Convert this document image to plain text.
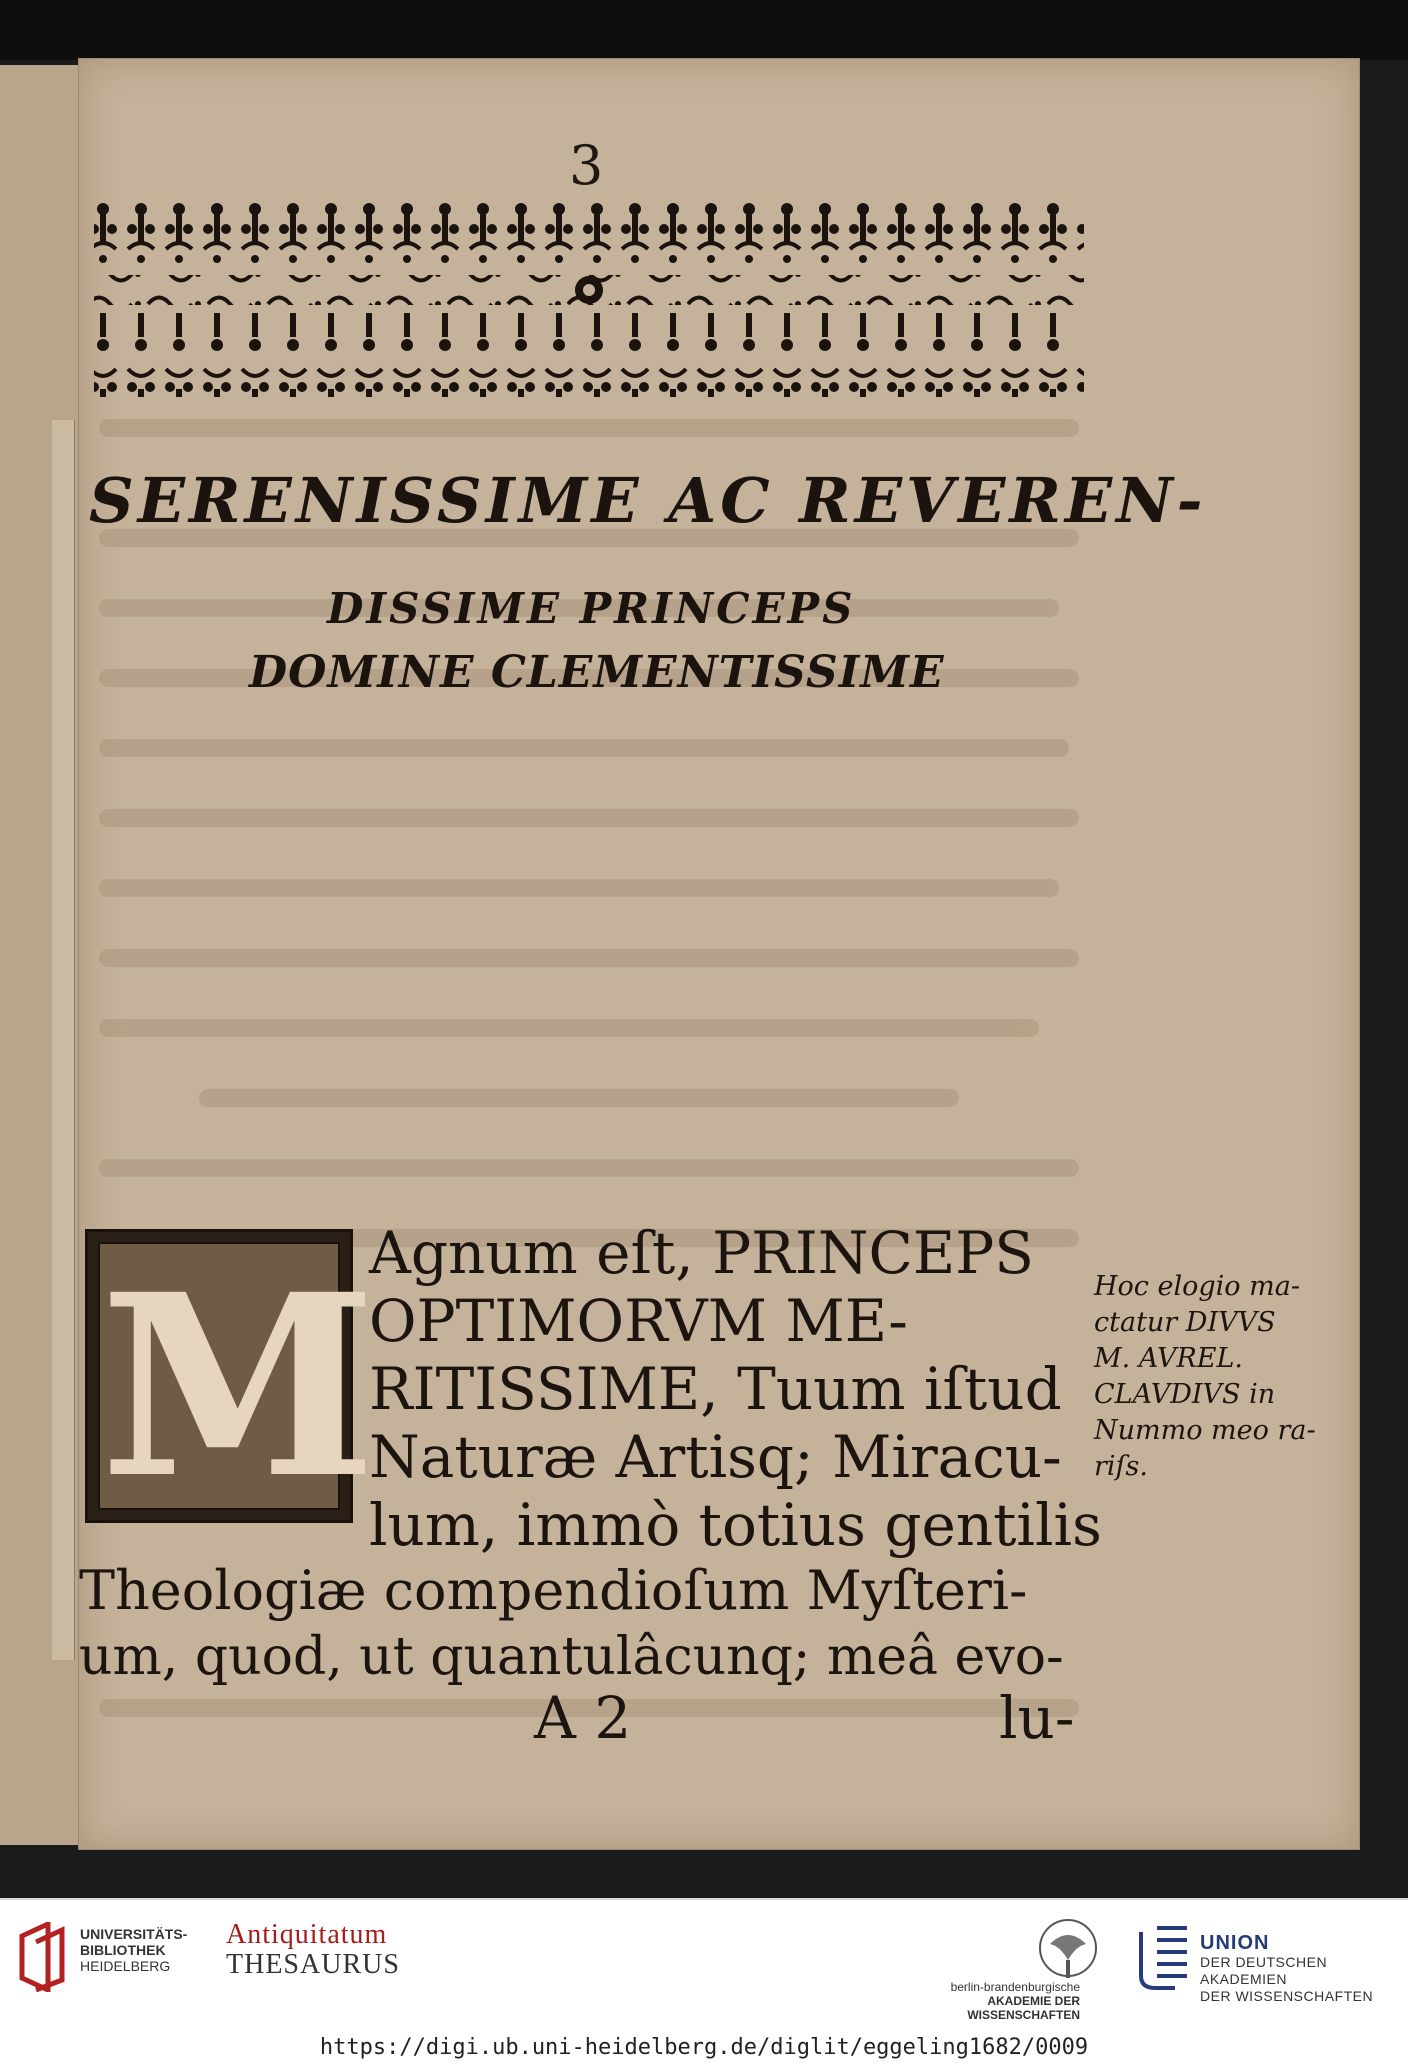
3
SERENISSIME AC REVEREN-
DISSIME PRINCEPS
DOMINE CLEMENTISSIME
M
Agnum eſt, PRINCEPS
OPTIMORVM ME-
RITISSIME, Tuum iſtud
Naturæ Artisq; Miracu-
lum, immò totius gentilis
Theologiæ compendioſum Myſteri-
um, quod, ut quantulâcunq; meâ evo-
Hoc elogio ma-
ctatur DIVVS
M. AVREL.
CLAVDIVS in
Nummo meo ra-
riſs.
A 2	lu-
UNIVERSITÄTS-
BIBLIOTHEK
HEIDELBERG
Antiquitatum
THESAURUS
berlin-brandenburgische
AKADEMIE DER WISSENSCHAFTEN
UNION
DER DEUTSCHEN AKADEMIEN
DER WISSENSCHAFTEN
https://digi.ub.uni-heidelberg.de/diglit/eggeling1682/0009
